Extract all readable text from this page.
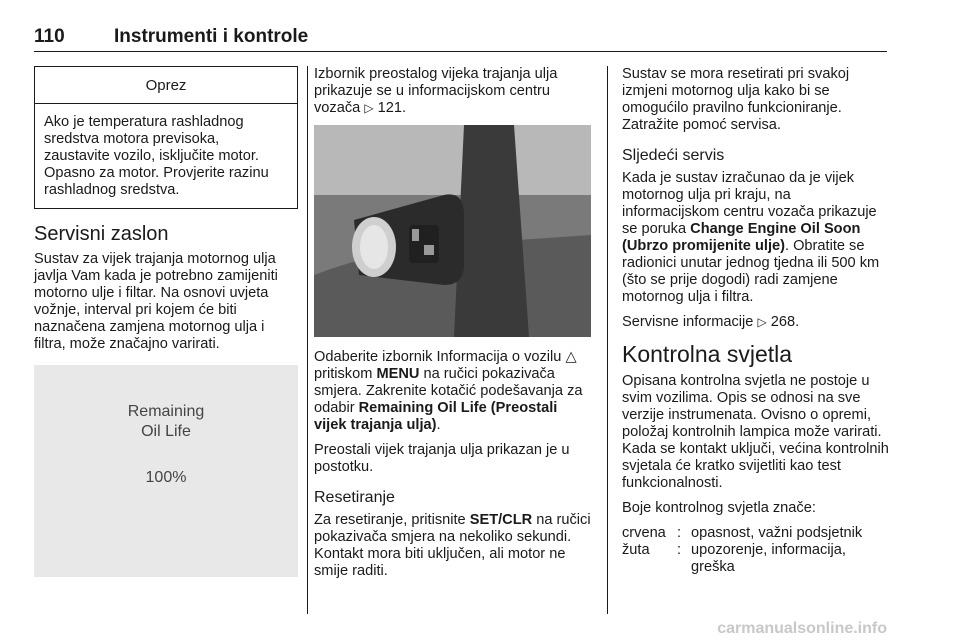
110	Instrumenti i kontrole
Oprez
Ako je temperatura rashladnog sredstva motora previsoka, zaustavite vozilo, isključite motor. Opasno za motor. Provjerite razinu rashladnog sredstva.
Servisni zaslon

Sustav za vijek trajanja motornog ulja javlja Vam kada je potrebno zamijeniti motorno ulje i filtar. Na osnovi uvjeta vožnje, interval pri kojem će biti naznačena zamjena motornog ulja i filtra, može značajno varirati.

Remaining
Oil Life
100%

Izbornik preostalog vijeka trajanja ulja prikazuje se u informacijskom centru vozača ▷ 121.

Odaberite izbornik Informacija o vozilu △ pritiskom MENU na ručici pokazivača smjera. Zakrenite kotačić podešavanja za odabir Remaining Oil Life (Preostali vijek trajanja ulja).

Preostali vijek trajanja ulja prikazan je u postotku.

Resetiranje

Za resetiranje, pritisnite SET/CLR na ručici pokazivača smjera na nekoliko sekundi. Kontakt mora biti uključen, ali motor ne smije raditi.

Sustav se mora resetirati pri svakoj izmjeni motornog ulja kako bi se omogućilo pravilno funkcioniranje. Zatražite pomoć servisa.

Sljedeći servis

Kada je sustav izračunao da je vijek motornog ulja pri kraju, na informacijskom centru vozača prikazuje se poruka Change Engine Oil Soon (Ubrzo promijenite ulje). Obratite se radionici unutar jednog tjedna ili 500 km (što se prije dogodi) radi zamjene motornog ulja i filtra.

Servisne informacije ▷ 268.

Kontrolna svjetla

Opisana kontrolna svjetla ne postoje u svim vozilima. Opis se odnosi na sve verzije instrumenata. Ovisno o opremi, položaj kontrolnih lampica može varirati. Kada se kontakt uključi, većina kontrolnih svjetala će kratko svijetliti kao test funkcionalnosti.

Boje kontrolnog svjetla znače:

crvena : opasnost, važni podsjetnik
žuta	: upozorenje, informacija, greška
carmanualsonline.info
